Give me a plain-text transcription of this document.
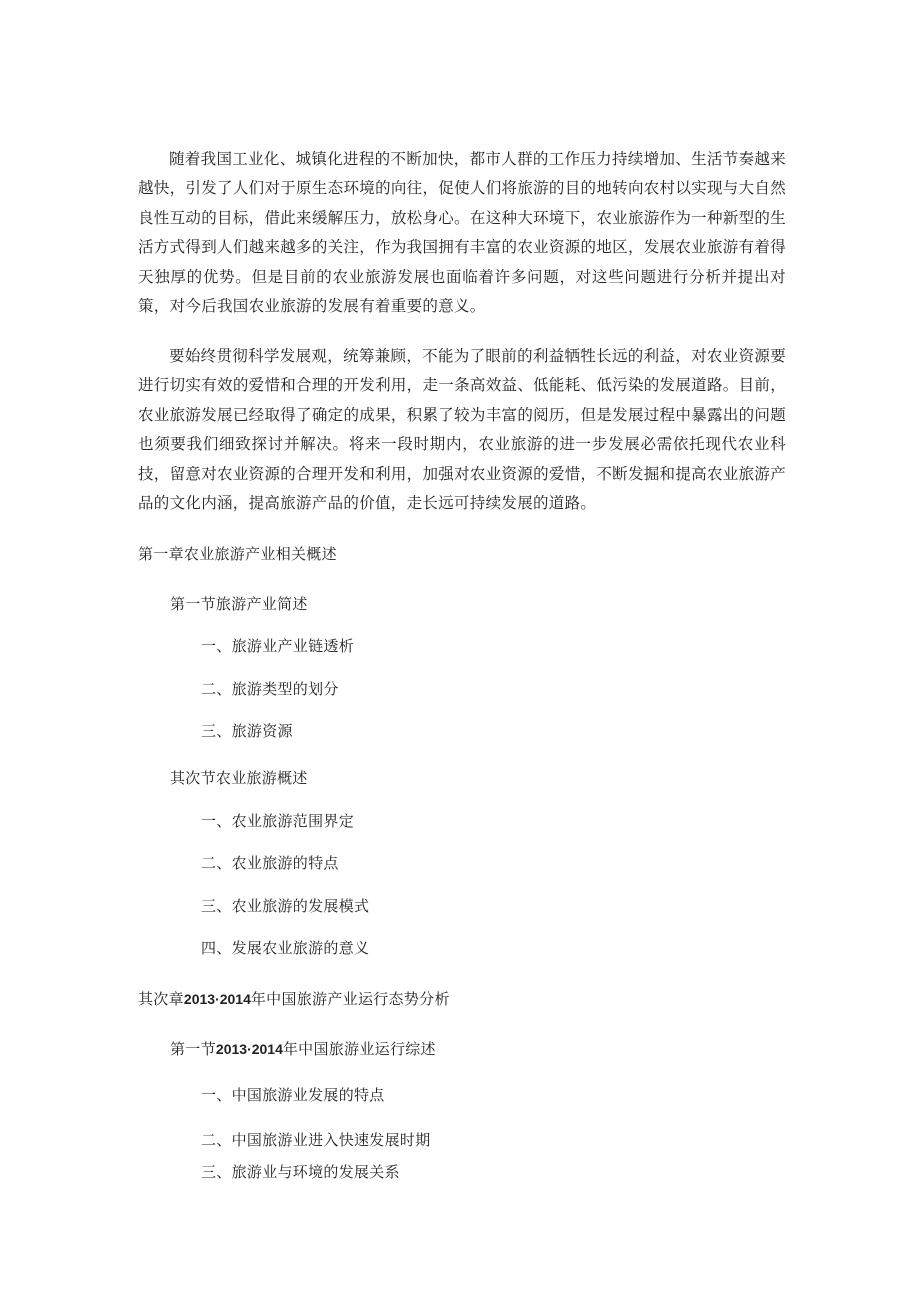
随着我国工业化、城镇化进程的不断加快，都市人群的工作压力持续增加、生活节奏越来越快，引发了人们对于原生态环境的向往，促使人们将旅游的目的地转向农村以实现与大自然良性互动的目标，借此来缓解压力，放松身心。在这种大环境下，农业旅游作为一种新型的生活方式得到人们越来越多的关注，作为我国拥有丰富的农业资源的地区，发展农业旅游有着得天独厚的优势。但是目前的农业旅游发展也面临着许多问题，对这些问题进行分析并提出对策，对今后我国农业旅游的发展有着重要的意义。

要始终贯彻科学发展观，统筹兼顾，不能为了眼前的利益牺牲长远的利益，对农业资源要进行切实有效的爱惜和合理的开发利用，走一条高效益、低能耗、低污染的发展道路。目前，农业旅游发展已经取得了确定的成果，积累了较为丰富的阅历，但是发展过程中暴露出的问题也须要我们细致探讨并解决。将来一段时期内，农业旅游的进一步发展必需依托现代农业科技，留意对农业资源的合理开发和利用，加强对农业资源的爱惜，不断发掘和提高农业旅游产品的文化内涵，提高旅游产品的价值，走长远可持续发展的道路。

第一章农业旅游产业相关概述
第一节旅游产业简述
一、旅游业产业链透析
二、旅游类型的划分
三、旅游资源
其次节农业旅游概述
一、农业旅游范围界定
二、农业旅游的特点
三、农业旅游的发展模式
四、发展农业旅游的意义
其次章2013·2014年中国旅游产业运行态势分析
第一节2013·2014年中国旅游业运行综述
一、中国旅游业发展的特点
二、中国旅游业进入快速发展时期
三、旅游业与环境的发展关系
